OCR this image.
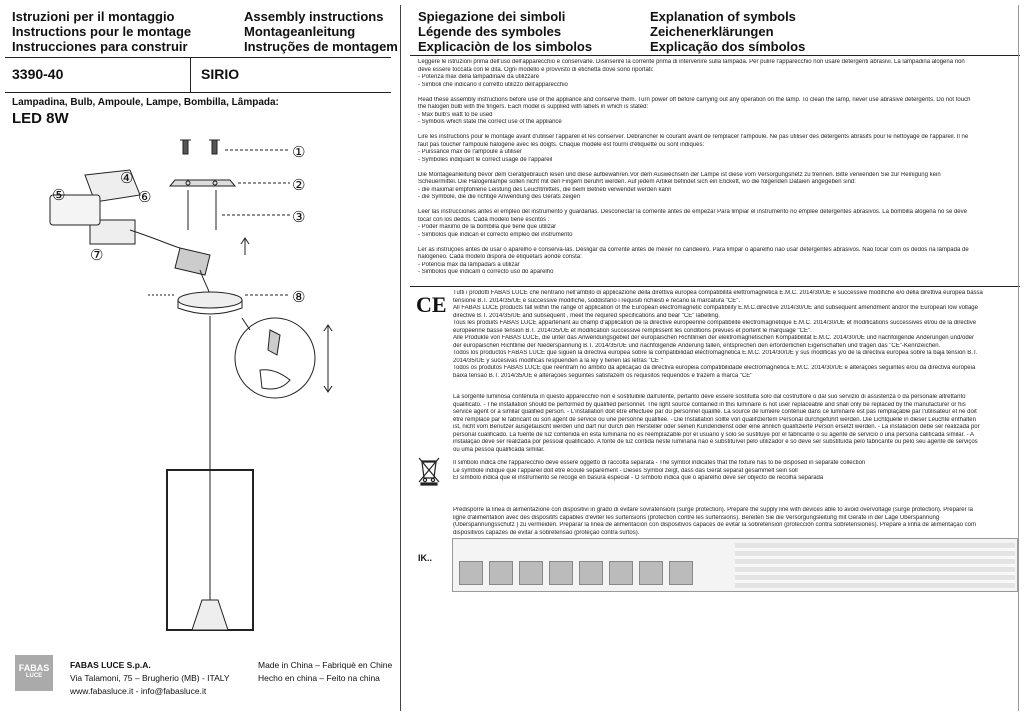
Istruzioni per il montaggio
Instructions pour le montage
Instrucciones para construir
Assembly instructions
Montageanleitung
Instruções de montagem
3390-40	SIRIO
Lampadina, Bulb, Ampoule, Lampe, Bombilla, Lâmpada:
LED 8W
①
②
③
⑧
④
⑤	⑥
⑦
FABAS
LUCE
FABAS LUCE S.p.A.
Via Talamoni, 75 – Brugherio (MB) - ITALY
www.fabasluce.it - info@fabasluce.it
Made in China – Fabriquè en Chine
Hecho en china – Feito na china
Spiegazione dei simboli
Légende des symboles
Explicaciòn de los simbolos
Explanation of symbols
Zeichenerklärungen
Explicação dos símbolos
Leggere le istruzioni prima dell'uso dell'apparecchio e conservarle. Disinserire la corrente prima di intervenire sulla lampada. Per pulire l'apparecchio non usare detergenti abrasivi. La lampadina alogena non
deve essere toccata con le dita. Ogni modello è provvisto di etichetta dove sono riportati:
- Potenza max della lampadina/e da utilizzare
- Simboli che indicano il corretto utilizzo dell'apparecchio
Read these assembly instructions before use of the appliance and conserve them. Turn power off before carrying out any operation on the lamp. To clean the lamp, never use abrasive detergents. Do not touch
the halogen bulb with the fingers. Each model is supplied with labels in which is stated:
- Max bulb's watt to be used
- Symbols which state the correct use of the appliance
Lire les instructions pour le montage avant d'utiliser l'appareil et les conserver. Débrancher le courant avant de remplacer l'ampoule. Ne pas utiliser des détergents abrasifs pour le nettoyage de l'appareil. Il ne
faut pas toucher l'ampoule halogène avec les doigts. Chaque modèle est fourni d'étiquette où sont indiqués:
- Puissance max de l'ampoule à utiliser
- Symboles indiquant le correct usage de l'appareil
Die Montageanleitung bevor dem Gerätgebrauch lesen und diese aufbewahren.Vor dem Auswechseln der Lampe ist diese vom Versorgungsnetz zu trennen. Bitte verwenden Sie zur Reinigung kein
Scheuermittel. Die Halogenlampe sollen nicht mit den Fingern berührt werden. Auf jedem Artikel befindet sich ein Etickett, wo die folgenden Dataien angegeben sind:
- die maximal empfohlene Leistung des Leuchtmittels, die beim Betrieb verwendet werden kann
- die Symbole, die die richtige Anwendung des Geräts zeigen
Leer las instrucciones antes el empleo del instrumento y guardarlas. Desconectar la corriente antes de empezar Para limpiar el instrumento no emplee detergentes abrasivos. La bombilla alógena no se deve
tocar con los dedos. Cada modelo tiene escritos :
- Poder màximo de la bombilla que tiene que utilizar
- Simbolos que indican el correcto empleo del instrumento
Ler as instruções antes de usar o aparelho e conservá-las. Desligar da corrente antes de mexer no candeeiro. Para limpar o aparelho não usar detergentes abrasivos. Não tocar com os dedos na lâmpada de
halogéneo. Cada modelo disporá de etiqueta/s aonde consta:
- Potencia max da lâmpada/s a utilizar
- Simbolos que indicam o correcto uso do aparelho
CE Tutti i prodotti FABAS LUCE che rientrano nell'ambito di applicazione della direttiva europea compatibilità elettromagnetica E.M.C. 2014/30/UE e successive modifiche e/o della direttiva europea bassa
tensione B.T. 2014/35/UE e successive modifiche, soddisfano i requisiti richiesti e recano la marcatura "CE".
All FABAS LUCE products fall within the range of application of the European electromagnetic compatibility E.M.C.directive 2014/30/UE and subsequent amendment and/or the European low voltage
directive B.T. 2014/35/UE and subsequent , meet the required specifications and bear "CE" labelling.
Tous les produits FABAS LUCE appartenant au champ d'application de la directive européenne compatibilité électromagnétique E.M.C. 2014/30/UE et modifications successives et/ou de la directive
européenne basse tension B.T. 2014/35/UE et modification successive remplissent les conditions prévues et portent le marquage "CE".
Alle Produkte von FABAS LUCE, die unter das Anwendungsgebiet der europäischen Richtlinien der elektromagnetischen Kompatibilität E.M.C. 2014/30/UE und nachfolgende Änderungen und/oder
der europäischen Richtlinie der Niederspannung B.T. 2014/35/UE und nachfolgende Änderung fallen, entsprechen den erforderlichen Eigenschaften und tragen das "CE"-Kennzeichen.
Todos los productos FABAS LUCE que siguen la directiva europea sobre la compatibilidad electromagnética E.M.C. 2014/30/UE y sus modificas y/o de la directiva europea sobre la baja tensión B.T.
2014/35/UE y sucesivas modificas respuenden a la ley y tienen las letras "CE "
Todos os produtos FABAS LUCE que reentram no âmbito da aplicação da directiva europeia compatibilidade electromagnética E.M.C. 2014/30/UE e alterações seguintes e/ou da directiva europeia
baixa tensão B.T. 2014/35/UE e alterações seguintes satisfazem os requisitos requeridos e trazem a marca "CE"
La sorgente luminosa contenuta in questo apparecchio non è sostituibile dall'utente, pertanto deve essere sostituita solo dal costruttore o dal suo servizio di assistenza o da personale altrettanto
qualificato. - The installation should be performed by qualified personnel. The light source contained in this luminaire is not user replaceable and shall only be replaced by the manufacturer or his
service agent or a similar qualified person. - L'installation doit être effectuée par du personnel qualifié. La source de lumière contenue dans ce luminaire est pas remplaçable par l'utilisateur et ne doit
être remplacé par le fabricant ou son agent de service ou une personne qualifiée. - Die Installation sollte von qualifiziertem Personal durchgeführt werden. Die Lichtquelle in dieser Leuchte enthalten
ist, nicht vom Benutzer ausgetauscht werden und darf nur durch den Hersteller oder seinen Kundendienst oder eine ähnlich qualifizierte Person ersetzt werden. - La instalación debe ser realizada por
personal cualificado. La fuente de luz contenida en esta luminaria no es reemplazable por el usuario y sólo se sustituye por el fabricante o su agente de servicio o una persona calificada similar. - A
instalação deve ser realizada por pessoal qualificado. A fonte de luz contida neste luminária não é substituível pelo utilizador e só deve ser substituída pelo fabricante ou pelo seu agente de serviços
ou uma pessoa qualificada similar.
Il simbolo indica che l'apparecchio deve essere oggetto di raccolta separata - The symbol indicates that the fixture has to be disposed in separate collection
Le symbole indique que l'appareil doit être écoulé séparément - Dieses Symbol zeigt, dass das Gerät separat gesammelt sein soll
El símbolo indica que el instrumento se recoge en basura especial - O símbolo indica que o aparelho deve ser objecto de recolha separada
Predisporre la linea di alimentazione con dispositivi in grado di evitare sovratensioni (surge protection). Prepare the supply line with devices able to avoid overvoltage (surge protection). Préparer la
ligne d'alimentation avec des dispositifs capables d'éviter les surtensions (protection contre les surtensions). Bereiten Sie die Versorgungsleitung mit Geräte in der Lage Überspannung
(Überspannungsschutz ) zu vermeiden. Preparar la línea de alimentación con dispositivos capaces de evitar la sobretensión (protección contra sobretensiones). Prepare a linha de alimentação com
dispositivos capazes de evitar a sobretensão (proteção contra surtos).
IK..
